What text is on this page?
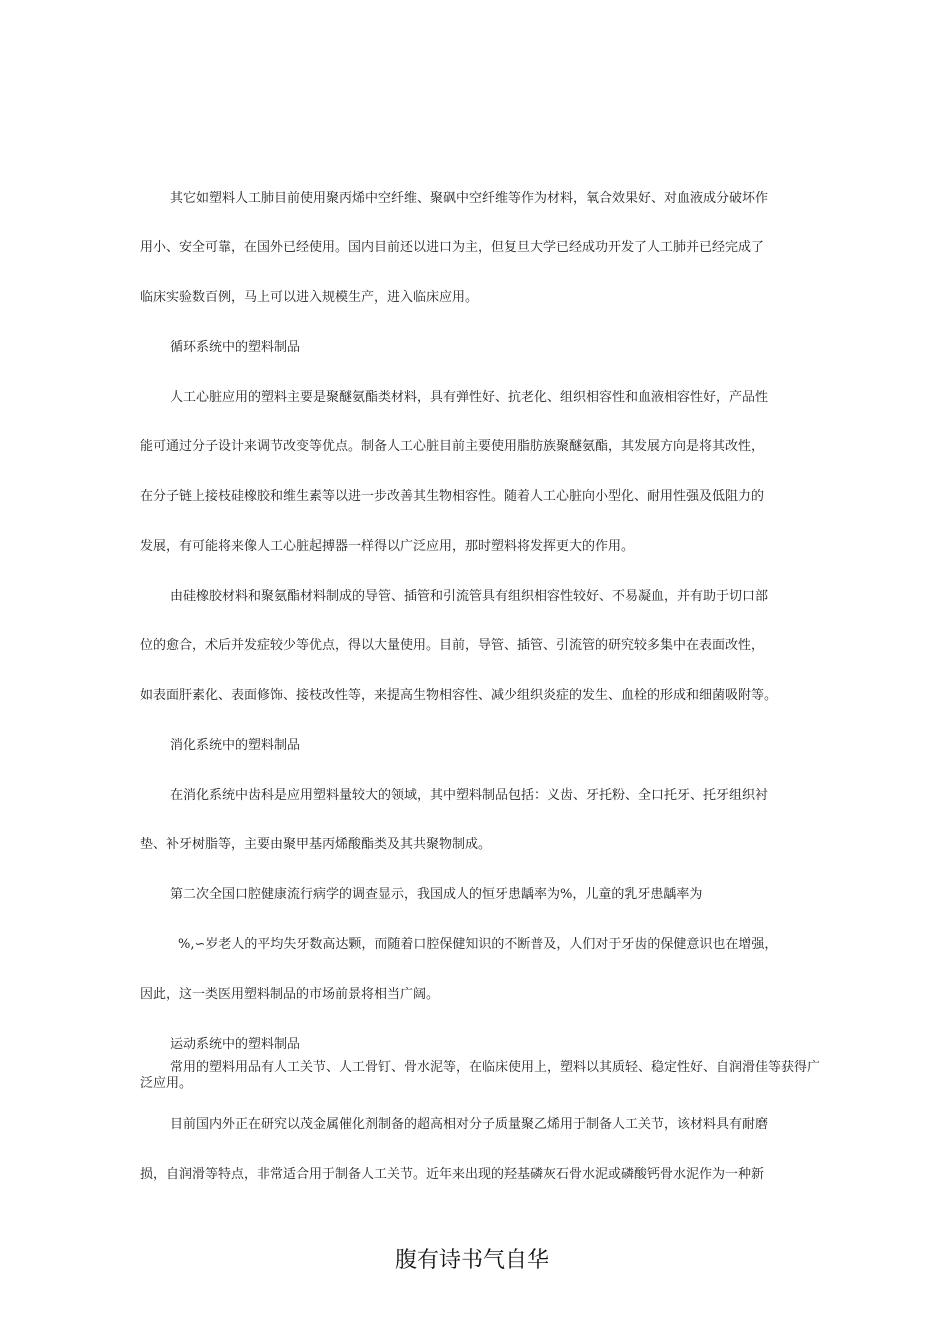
其它如塑料人工肺目前使用聚丙烯中空纤维、聚砜中空纤维等作为材料，氧合效果好、对血液成分破坏作

用小、安全可靠，在国外已经使用。国内目前还以进口为主，但复旦大学已经成功开发了人工肺并已经完成了

临床实验数百例，马上可以进入规模生产，进入临床应用。

循环系统中的塑料制品

人工心脏应用的塑料主要是聚醚氨酯类材料，具有弹性好、抗老化、组织相容性和血液相容性好，产品性

能可通过分子设计来调节改变等优点。制备人工心脏目前主要使用脂肪族聚醚氨酯，其发展方向是将其改性，

在分子链上接枝硅橡胶和维生素等以进一步改善其生物相容性。随着人工心脏向小型化、耐用性强及低阻力的

发展，有可能将来像人工心脏起搏器一样得以广泛应用，那时塑料将发挥更大的作用。

由硅橡胶材料和聚氨酯材料制成的导管、插管和引流管具有组织相容性较好、不易凝血，并有助于切口部

位的愈合，术后并发症较少等优点，得以大量使用。目前，导管、插管、引流管的研究较多集中在表面改性，

如表面肝素化、表面修饰、接枝改性等，来提高生物相容性、减少组织炎症的发生、血栓的形成和细菌吸附等。

消化系统中的塑料制品

在消化系统中齿科是应用塑料量较大的领域，其中塑料制品包括：义齿、牙托粉、全口托牙、托牙组织衬

垫、补牙树脂等，主要由聚甲基丙烯酸酯类及其共聚物制成。

第二次全国口腔健康流行病学的调查显示，我国成人的恒牙患龋率为%，儿童的乳牙患龋率为

%,∽岁老人的平均失牙数高达颗，而随着口腔保健知识的不断普及，人们对于牙齿的保健意识也在增强，

因此，这一类医用塑料制品的市场前景将相当广阔。

运动系统中的塑料制品

常用的塑料用品有人工关节、人工骨钉、骨水泥等，在临床使用上，塑料以其质轻、稳定性好、自润滑佳等获得广泛应用。

目前国内外正在研究以茂金属催化剂制备的超高相对分子质量聚乙烯用于制备人工关节，该材料具有耐磨

损，自润滑等特点，非常适合用于制备人工关节。近年来出现的羟基磷灰石骨水泥或磷酸钙骨水泥作为一种新

腹有诗书气自华
